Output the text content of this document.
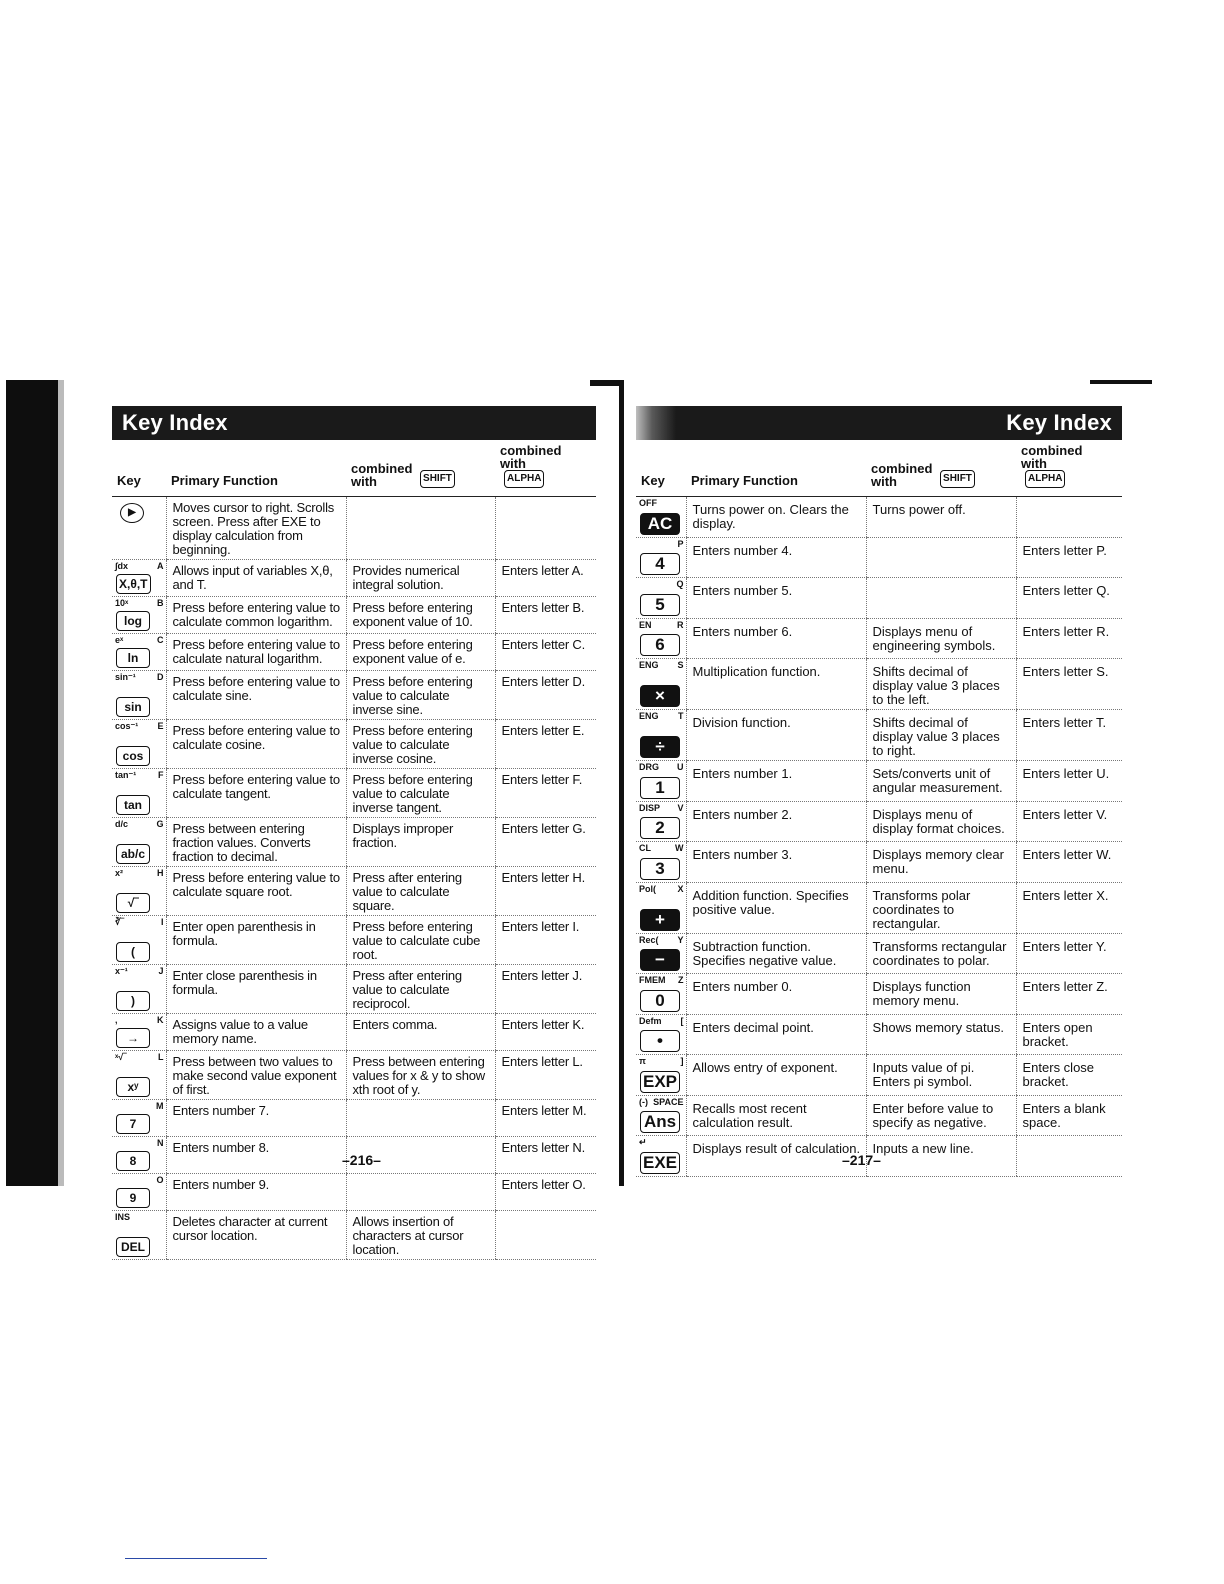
Key Index
Key	Primary Function	combined
with SHIFT	combined
with ALPHA

▶	Moves cursor to right. Scrolls screen. Press after EXE to display calculation from beginning.		

∫dx A
X,θ,T	Allows input of variables X,θ, and T.	Provides numerical integral solution.	Enters letter A.

10ˣ B
log	Press before entering value to calculate common logarithm.	Press before entering exponent value of 10.	Enters letter B.

eˣ C
ln	Press before entering value to calculate natural logarithm.	Press before entering exponent value of e.	Enters letter C.

sin⁻¹ D
sin	Press before entering value to calculate sine.	Press before entering value to calculate inverse sine.	Enters letter D.

cos⁻¹ E
cos	Press before entering value to calculate cosine.	Press before entering value to calculate inverse cosine.	Enters letter E.

tan⁻¹ F
tan	Press before entering value to calculate tangent.	Press before entering value to calculate inverse tangent.	Enters letter F.

d/c G
ab/c	Press between entering fraction values. Converts fraction to decimal.	Displays improper fraction.	Enters letter G.

x² H
√‾	Press before entering value to calculate square root.	Press after entering value to calculate square.	Enters letter H.

∛‾ I
(	Enter open parenthesis in formula.	Press before entering value to calculate cube root.	Enters letter I.

x⁻¹ J
)	Enter close parenthesis in formula.	Press after entering value to calculate reciprocol.	Enters letter J.

, K
→	Assigns value to a value memory name.	Enters comma.	Enters letter K.

ˣ√‾ L
xʸ	Press between two values to make second value exponent of first.	Press between entering values for x & y to show xth root of y.	Enters letter L.

M
7	Enters number 7.		Enters letter M.

N
8	Enters number 8.		Enters letter N.

O
9	Enters number 9.		Enters letter O.

INS
DEL	Deletes character at current cursor location.	Allows insertion of characters at cursor location.	
–216–
Key Index
Key	Primary Function	combined
with SHIFT	combined
with ALPHA

OFF
AC	Turns power on. Clears the display.	Turns power off.	

P
4	Enters number 4.		Enters letter P.

Q
5	Enters number 5.		Enters letter Q.

EN R
6	Enters number 6.	Displays menu of engineering symbols.	Enters letter R.

ENG S
×	Multiplication function.	Shifts decimal of display value 3 places to the left.	Enters letter S.

ENG T
÷	Division function.	Shifts decimal of display value 3 places to right.	Enters letter T.

DRG U
1	Enters number 1.	Sets/converts unit of angular measurement.	Enters letter U.

DISP V
2	Enters number 2.	Displays menu of display format choices.	Enters letter V.

CL W
3	Enters number 3.	Displays memory clear menu.	Enters letter W.

Pol( X
+	Addition function. Specifies positive value.	Transforms polar coordinates to rectangular.	Enters letter X.

Rec( Y
−	Subtraction function. Specifies negative value.	Transforms rectangular coordinates to polar.	Enters letter Y.

FMEM Z
0	Enters number 0.	Displays function memory menu.	Enters letter Z.

Defm [
•	Enters decimal point.	Shows memory status.	Enters open bracket.

π ]
EXP	Allows entry of exponent.	Inputs value of pi. Enters pi symbol.	Enters close bracket.

(-) SPACE
Ans	Recalls most recent calculation result.	Enter before value to specify as negative.	Enters a blank space.

↵
EXE	Displays result of calculation.	Inputs a new line.	
–217–
